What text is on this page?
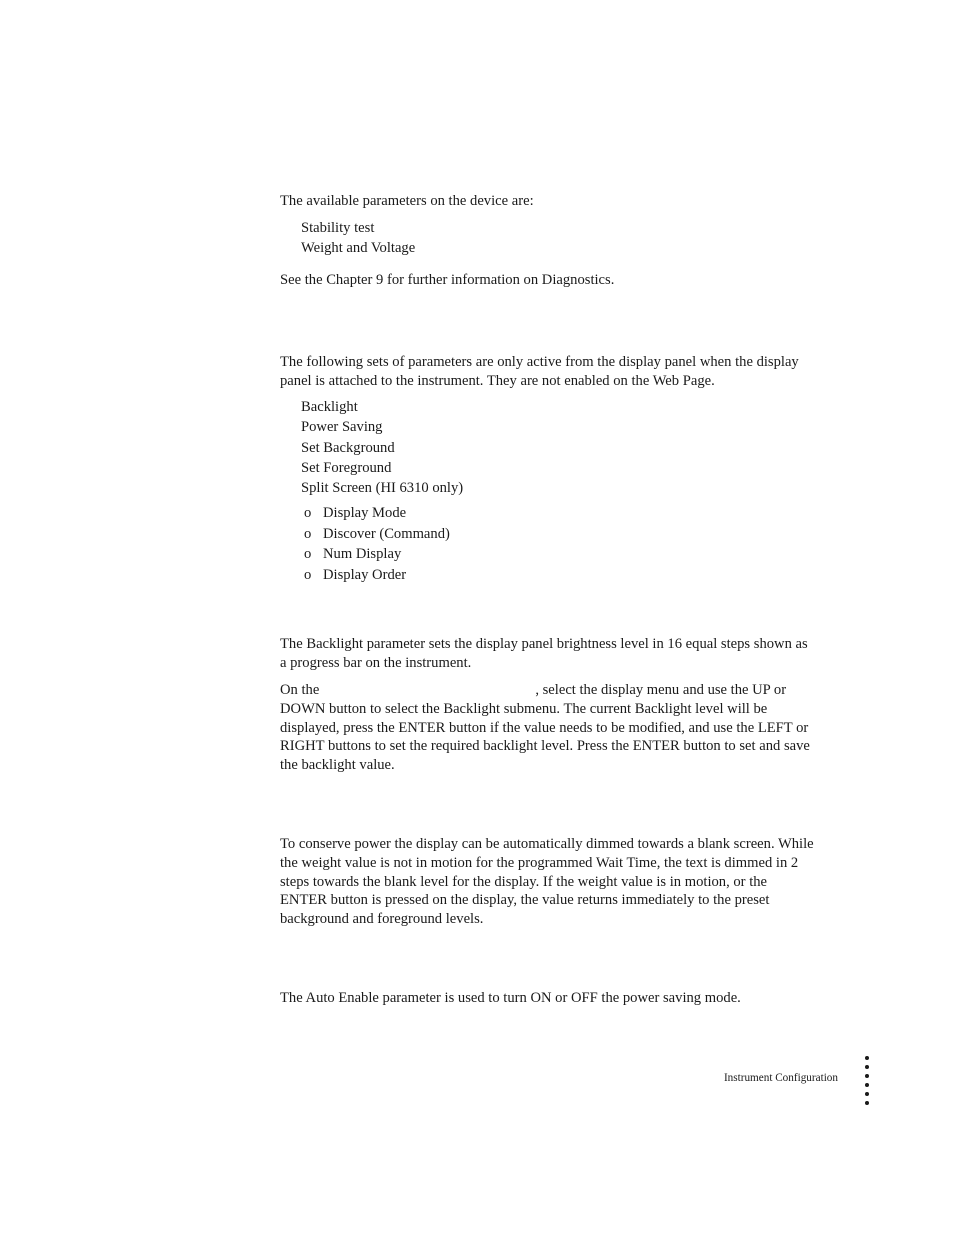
The available parameters on the device are:

Stability test

Weight and Voltage

See the Chapter 9 for further information on Diagnostics.

The following sets of parameters are only active from the display panel when the display panel is attached to the instrument. They are not enabled on the Web Page.

Backlight

Power Saving

Set Background

Set Foreground

Split Screen (HI 6310 only)

o Display Mode
o Discover (Command)
o Num Display
o Display Order

The Backlight parameter sets the display panel brightness level in 16 equal steps shown as a progress bar on the instrument.

On the	, select the display menu and use the UP or DOWN button to select the Backlight submenu. The current Backlight level will be displayed, press the ENTER button if the value needs to be modified, and use the LEFT or RIGHT buttons to set the required backlight level. Press the ENTER button to set and save the backlight value.

To conserve power the display can be automatically dimmed towards a blank screen. While the weight value is not in motion for the programmed Wait Time, the text is dimmed in 2 steps towards the blank level for the display. If the weight value is in motion, or the ENTER button is pressed on the display, the value returns immediately to the preset background and foreground levels.

The Auto Enable parameter is used to turn ON or OFF the power saving mode.

Instrument Configuration
